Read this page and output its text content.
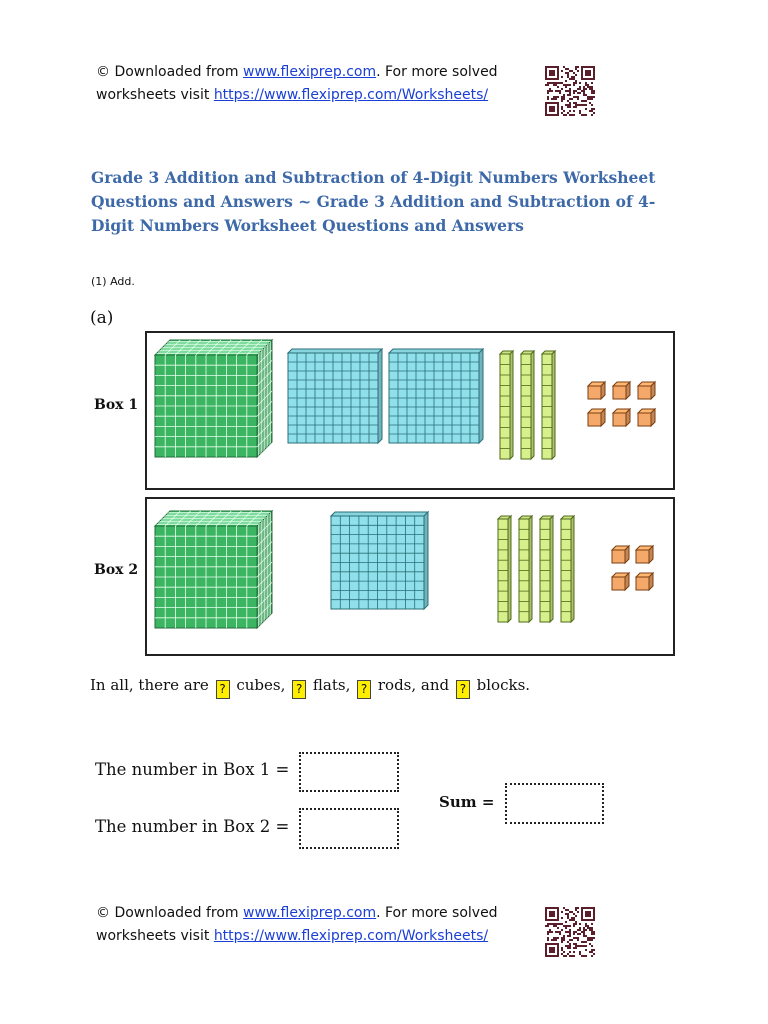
© Downloaded from www.flexiprep.com. For more solved
worksheets visit https://www.flexiprep.com/Worksheets/
Grade 3 Addition and Subtraction of 4-Digit Numbers Worksheet Questions and Answers ~ Grade 3 Addition and Subtraction of 4-Digit Numbers Worksheet Questions and Answers
(1) Add.
(a)
Box 1
Box 2
In all, there are ? cubes, ? flats, ? rods, and ? blocks.
The number in Box 1 =
The number in Box 2 =
Sum =
© Downloaded from www.flexiprep.com. For more solved
worksheets visit https://www.flexiprep.com/Worksheets/
